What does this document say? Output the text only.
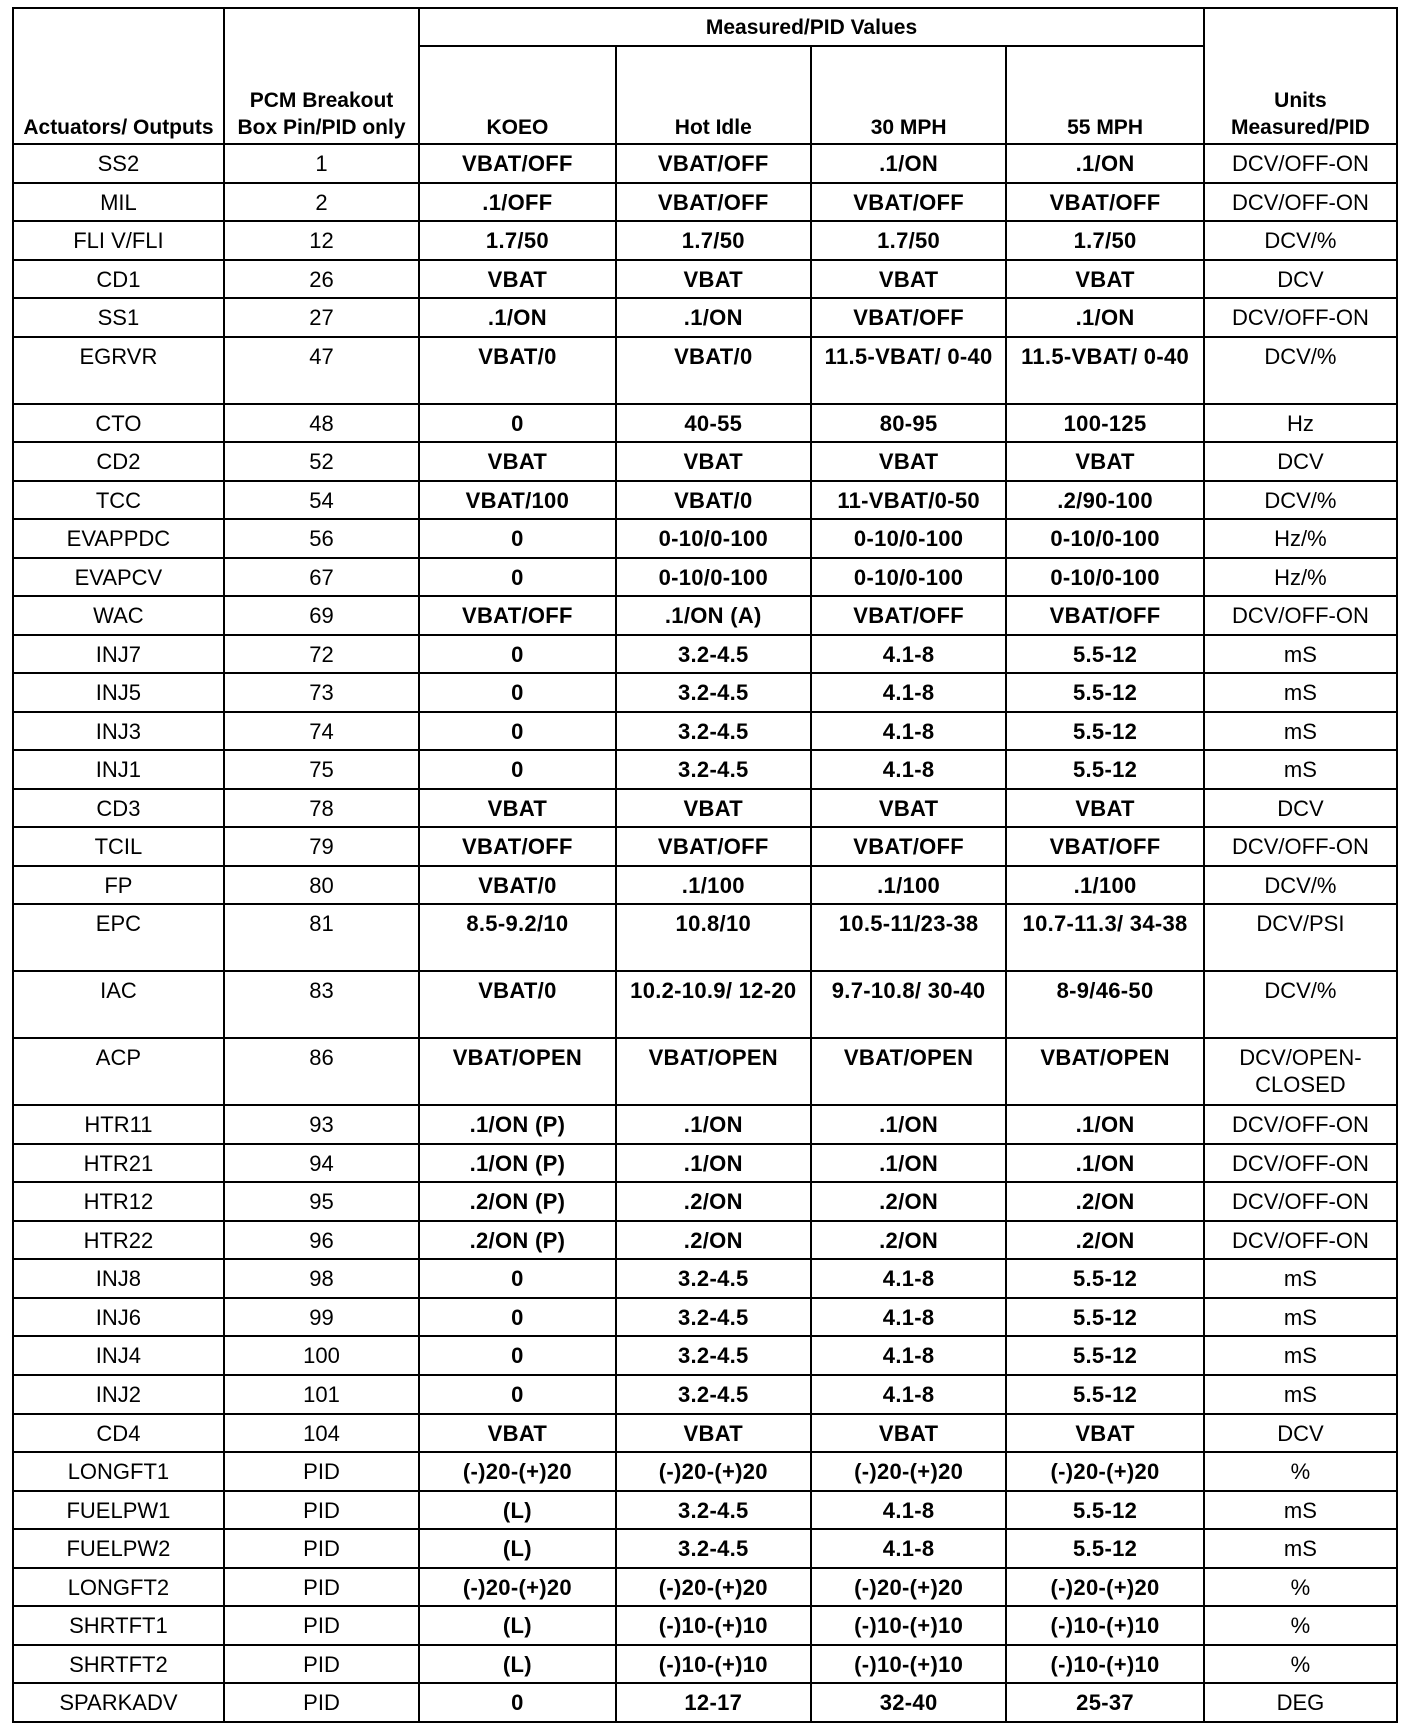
Actuators/ Outputs	PCM Breakout Box Pin/PID only	Measured/PID Values				Units Measured/PID
		KOEO	Hot Idle	30 MPH	55 MPH	
SS2	1	VBAT/OFF	VBAT/OFF	.1/ON	.1/ON	DCV/OFF-ON
MIL	2	.1/OFF	VBAT/OFF	VBAT/OFF	VBAT/OFF	DCV/OFF-ON
FLI V/FLI	12	1.7/50	1.7/50	1.7/50	1.7/50	DCV/%
CD1	26	VBAT	VBAT	VBAT	VBAT	DCV
SS1	27	.1/ON	.1/ON	VBAT/OFF	.1/ON	DCV/OFF-ON
EGRVR	47	VBAT/0	VBAT/0	11.5-VBAT/ 0-40	11.5-VBAT/ 0-40	DCV/%
CTO	48	0	40-55	80-95	100-125	Hz
CD2	52	VBAT	VBAT	VBAT	VBAT	DCV
TCC	54	VBAT/100	VBAT/0	11-VBAT/0-50	.2/90-100	DCV/%
EVAPPDC	56	0	0-10/0-100	0-10/0-100	0-10/0-100	Hz/%
EVAPCV	67	0	0-10/0-100	0-10/0-100	0-10/0-100	Hz/%
WAC	69	VBAT/OFF	.1/ON (A)	VBAT/OFF	VBAT/OFF	DCV/OFF-ON
INJ7	72	0	3.2-4.5	4.1-8	5.5-12	mS
INJ5	73	0	3.2-4.5	4.1-8	5.5-12	mS
INJ3	74	0	3.2-4.5	4.1-8	5.5-12	mS
INJ1	75	0	3.2-4.5	4.1-8	5.5-12	mS
CD3	78	VBAT	VBAT	VBAT	VBAT	DCV
TCIL	79	VBAT/OFF	VBAT/OFF	VBAT/OFF	VBAT/OFF	DCV/OFF-ON
FP	80	VBAT/0	.1/100	.1/100	.1/100	DCV/%
EPC	81	8.5-9.2/10	10.8/10	10.5-11/23-38	10.7-11.3/ 34-38	DCV/PSI
IAC	83	VBAT/0	10.2-10.9/ 12-20	9.7-10.8/ 30-40	8-9/46-50	DCV/%
ACP	86	VBAT/OPEN	VBAT/OPEN	VBAT/OPEN	VBAT/OPEN	DCV/OPEN- CLOSED
HTR11	93	.1/ON (P)	.1/ON	.1/ON	.1/ON	DCV/OFF-ON
HTR21	94	.1/ON (P)	.1/ON	.1/ON	.1/ON	DCV/OFF-ON
HTR12	95	.2/ON (P)	.2/ON	.2/ON	.2/ON	DCV/OFF-ON
HTR22	96	.2/ON (P)	.2/ON	.2/ON	.2/ON	DCV/OFF-ON
INJ8	98	0	3.2-4.5	4.1-8	5.5-12	mS
INJ6	99	0	3.2-4.5	4.1-8	5.5-12	mS
INJ4	100	0	3.2-4.5	4.1-8	5.5-12	mS
INJ2	101	0	3.2-4.5	4.1-8	5.5-12	mS
CD4	104	VBAT	VBAT	VBAT	VBAT	DCV
LONGFT1	PID	(-)20-(+)20	(-)20-(+)20	(-)20-(+)20	(-)20-(+)20	%
FUELPW1	PID	(L)	3.2-4.5	4.1-8	5.5-12	mS
FUELPW2	PID	(L)	3.2-4.5	4.1-8	5.5-12	mS
LONGFT2	PID	(-)20-(+)20	(-)20-(+)20	(-)20-(+)20	(-)20-(+)20	%
SHRTFT1	PID	(L)	(-)10-(+)10	(-)10-(+)10	(-)10-(+)10	%
SHRTFT2	PID	(L)	(-)10-(+)10	(-)10-(+)10	(-)10-(+)10	%
SPARKADV	PID	0	12-17	32-40	25-37	DEG
